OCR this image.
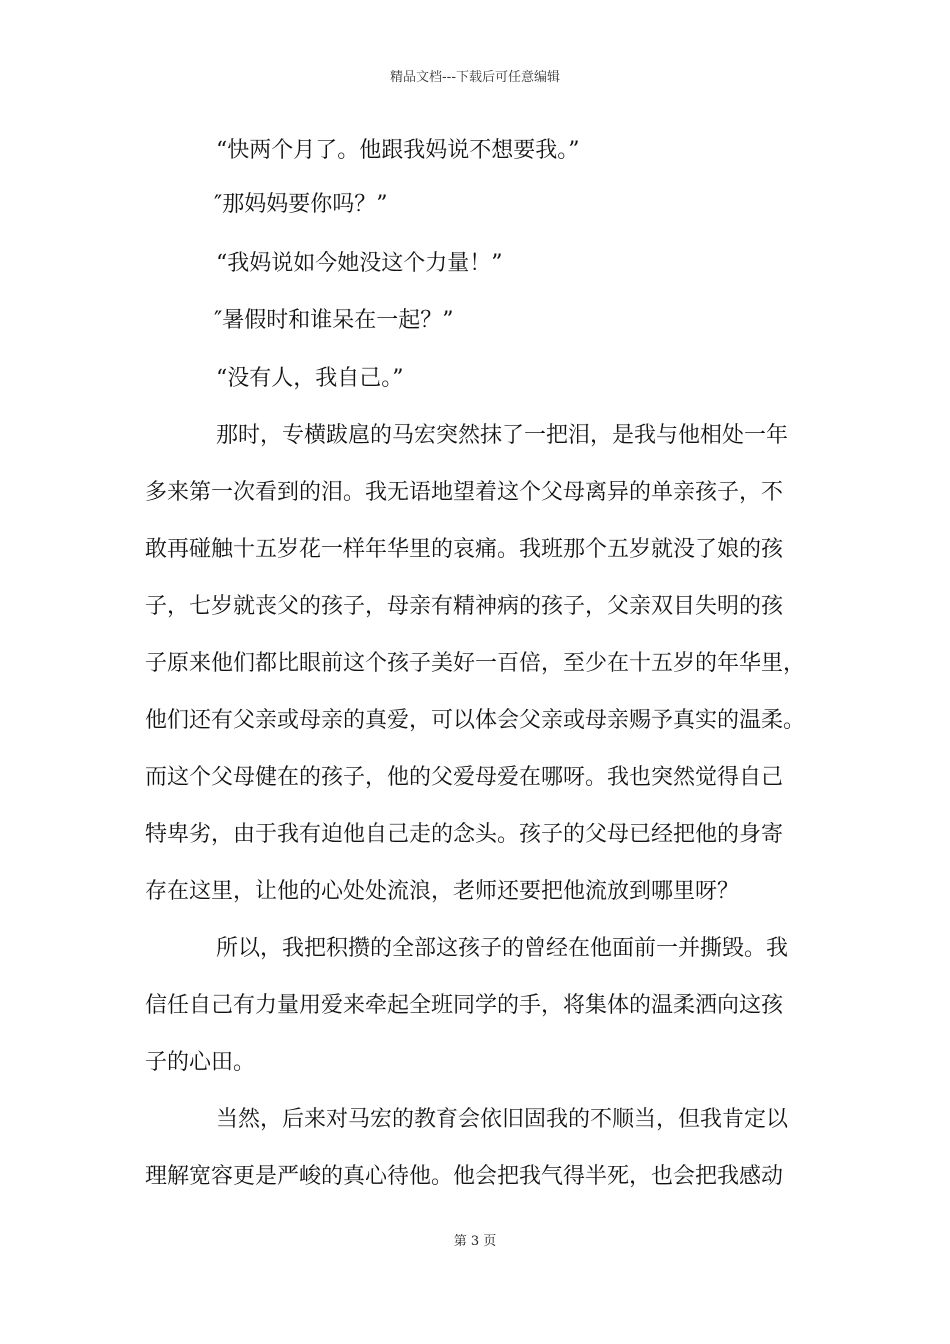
精品文档---下载后可任意编辑
“快两个月了。他跟我妈说不想要我。”
″那妈妈要你吗？”
“我妈说如今她没这个力量！”
″暑假时和谁呆在一起？”
“没有人，我自己。”
那时，专横跋扈的马宏突然抹了一把泪，是我与他相处一年
多来第一次看到的泪。我无语地望着这个父母离异的单亲孩子，不
敢再碰触十五岁花一样年华里的哀痛。我班那个五岁就没了娘的孩
子，七岁就丧父的孩子，母亲有精神病的孩子，父亲双目失明的孩
子原来他们都比眼前这个孩子美好一百倍，至少在十五岁的年华里，
他们还有父亲或母亲的真爱，可以体会父亲或母亲赐予真实的温柔。
而这个父母健在的孩子，他的父爱母爱在哪呀。我也突然觉得自己
特卑劣，由于我有迫他自己走的念头。孩子的父母已经把他的身寄
存在这里，让他的心处处流浪，老师还要把他流放到哪里呀？
所以，我把积攒的全部这孩子的曾经在他面前一并撕毁。我
信任自己有力量用爱来牵起全班同学的手，将集体的温柔洒向这孩
子的心田。
当然，后来对马宏的教育会依旧固我的不顺当，但我肯定以
理解宽容更是严峻的真心待他。他会把我气得半死，也会把我感动
第 3 页
